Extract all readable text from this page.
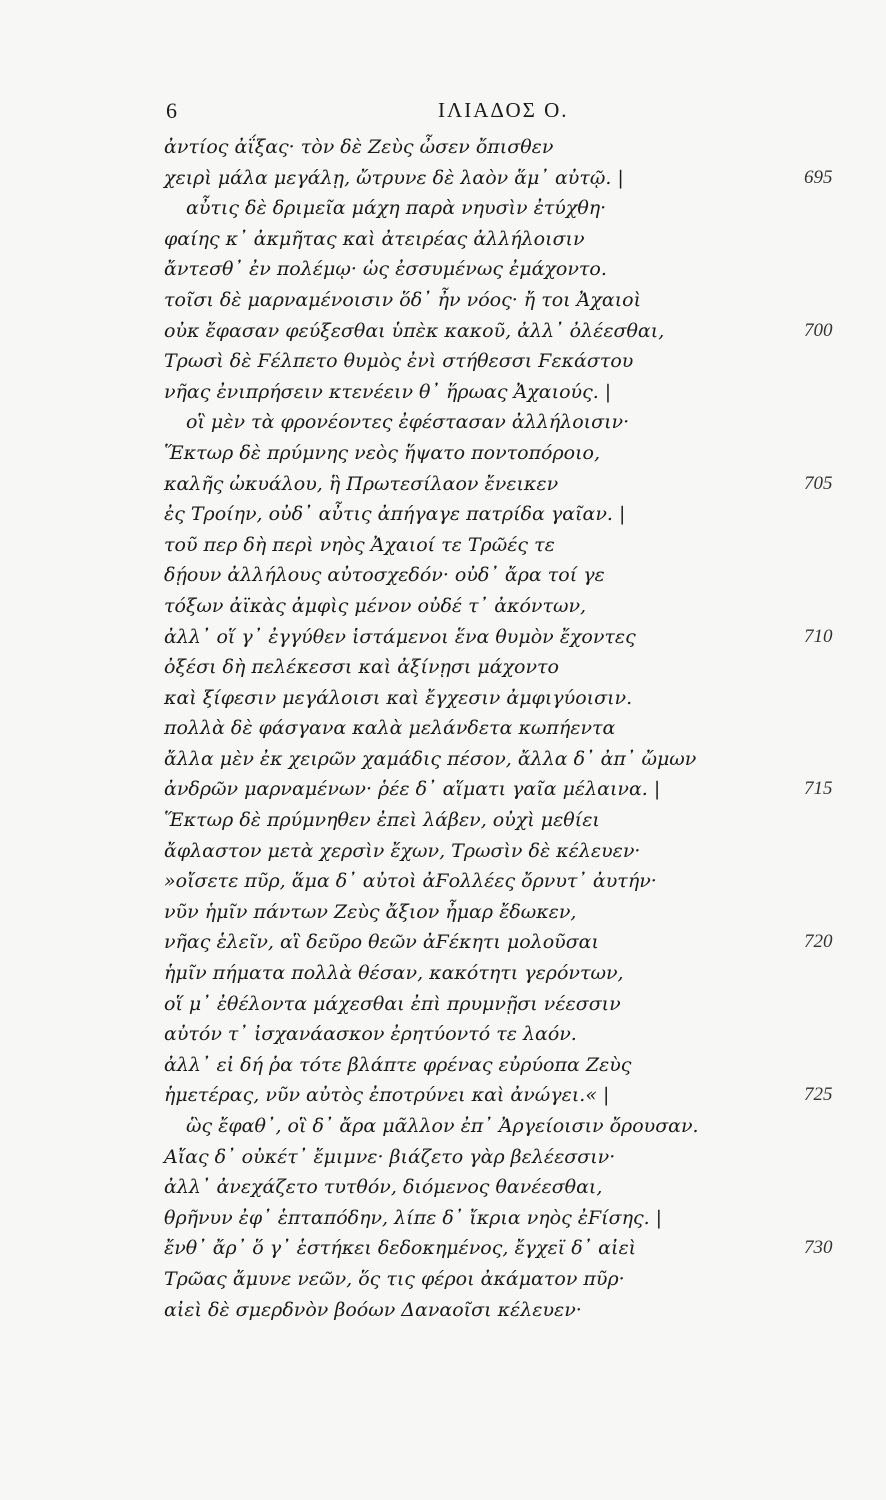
6	ΙΛΙΑΔΟΣ Ο.
ἀντίος ἀΐξας· τὸν δὲ Ζεὺς ὦσεν ὄπισθεν
χειρὶ μάλα μεγάλῃ, ὤτρυνε δὲ λαὸν ἅμ᾽ αὐτῷ. |	695
αὖτις δὲ δριμεῖα μάχη παρὰ νηυσὶν ἐτύχθη·
φαίης κ᾽ ἀκμῆτας καὶ ἀτειρέας ἀλλήλοισιν
ἄντεσθ᾽ ἐν πολέμῳ· ὡς ἐσσυμένως ἐμάχοντο.
τοῖσι δὲ μαρναμένοισιν ὅδ᾽ ἦν νόος· ἤ τοι Ἀχαιοὶ
οὐκ ἔφασαν φεύξεσθαι ὑπὲκ κακοῦ, ἀλλ᾽ ὀλέεσθαι,	700
Τρωσὶ δὲ Ϝέλπετο θυμὸς ἐνὶ στήθεσσι Ϝεκάστου
νῆας ἐνιπρήσειν κτενέειν θ᾽ ἥρωας Ἀχαιούς. |
οἳ μὲν τὰ φρονέοντες ἐφέστασαν ἀλλήλοισιν·
Ἕκτωρ δὲ πρύμνης νεὸς ἥψατο ποντοπόροιο,
καλῆς ὠκυάλου, ἣ Πρωτεσίλαον ἔνεικεν	705
ἐς Τροίην, οὐδ᾽ αὖτις ἀπήγαγε πατρίδα γαῖαν. |
τοῦ περ δὴ περὶ νηὸς Ἀχαιοί τε Τρῶές τε
δῄουν ἀλλήλους αὐτοσχεδόν· οὐδ᾽ ἄρα τοί γε
τόξων ἀϊκὰς ἀμφὶς μένον οὐδέ τ᾽ ἀκόντων,
ἀλλ᾽ οἵ γ᾽ ἐγγύθεν ἱστάμενοι ἕνα θυμὸν ἔχοντες	710
ὀξέσι δὴ πελέκεσσι καὶ ἀξίνῃσι μάχοντο
καὶ ξίφεσιν μεγάλοισι καὶ ἔγχεσιν ἀμφιγύοισιν.
πολλὰ δὲ φάσγανα καλὰ μελάνδετα κωπήεντα
ἄλλα μὲν ἐκ χειρῶν χαμάδις πέσον, ἄλλα δ᾽ ἀπ᾽ ὤμων
ἀνδρῶν μαρναμένων· ῥέε δ᾽ αἵματι γαῖα μέλαινα. |	715
Ἕκτωρ δὲ πρύμνηθεν ἐπεὶ λάβεν, οὐχὶ μεθίει
ἄφλαστον μετὰ χερσὶν ἔχων, Τρωσὶν δὲ κέλευεν·
»οἴσετε πῦρ, ἅμα δ᾽ αὐτοὶ ἀϜολλέες ὄρνυτ᾽ ἀυτήν·
νῦν ἡμῖν πάντων Ζεὺς ἄξιον ἦμαρ ἔδωκεν,
νῆας ἑλεῖν, αἳ δεῦρο θεῶν ἀϜέκητι μολοῦσαι	720
ἡμῖν πήματα πολλὰ θέσαν, κακότητι γερόντων,
οἵ μ᾽ ἐθέλοντα μάχεσθαι ἐπὶ πρυμνῇσι νέεσσιν
αὐτόν τ᾽ ἰσχανάασκον ἐρητύοντό τε λαόν.
ἀλλ᾽ εἰ δή ῥα τότε βλάπτε φρένας εὐρύοπα Ζεὺς
ἡμετέρας, νῦν αὐτὸς ἐποτρύνει καὶ ἀνώγει.« |	725
ὣς ἔφαθ᾽, οἳ δ᾽ ἄρα μᾶλλον ἐπ᾽ Ἀργείοισιν ὄρουσαν.
Αἴας δ᾽ οὐκέτ᾽ ἔμιμνε· βιάζετο γὰρ βελέεσσιν·
ἀλλ᾽ ἀνεχάζετο τυτθόν, διόμενος θανέεσθαι,
θρῆνυν ἐφ᾽ ἑπταπόδην, λίπε δ᾽ ἴκρια νηὸς ἐϜίσης. |
ἔνθ᾽ ἄρ᾽ ὅ γ᾽ ἑστήκει δεδοκημένος, ἔγχεϊ δ᾽ αἰεὶ	730
Τρῶας ἄμυνε νεῶν, ὅς τις φέροι ἀκάματον πῦρ·
αἰεὶ δὲ σμερδνὸν βοόων Δαναοῖσι κέλευεν·
